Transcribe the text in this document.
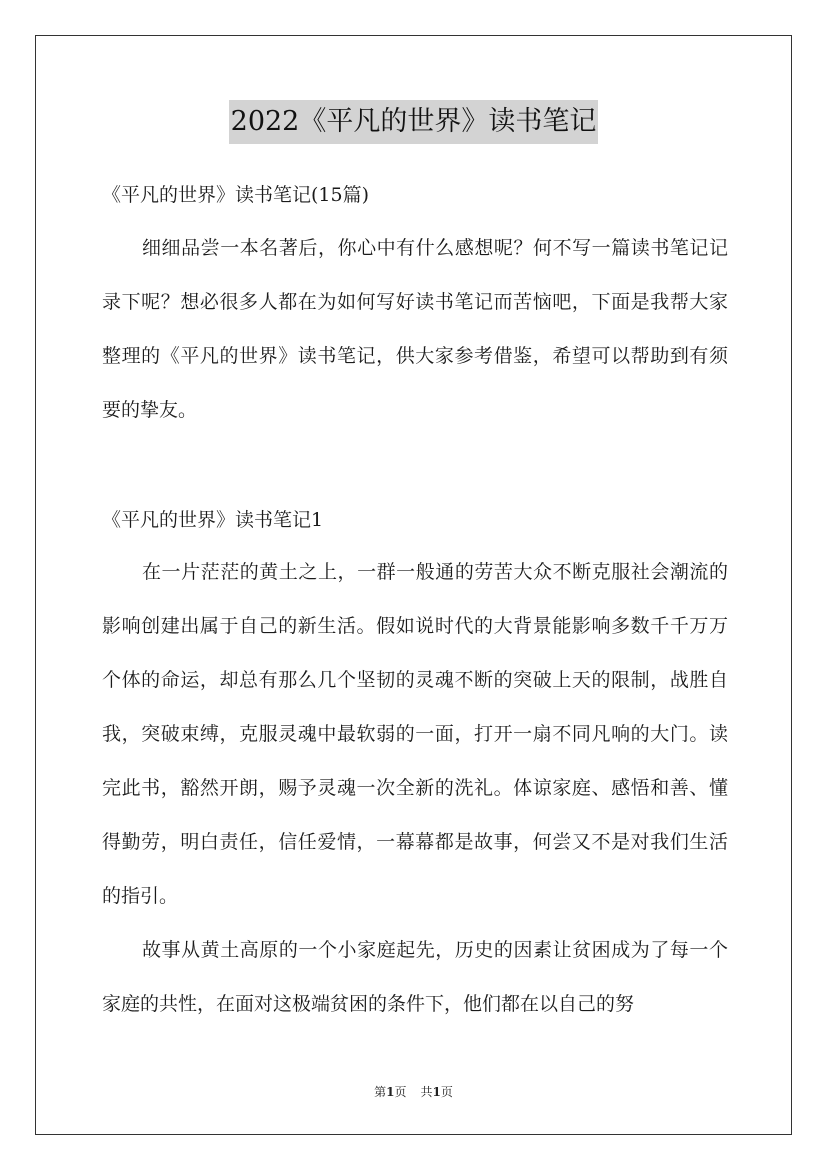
2022《平凡的世界》读书笔记
《平凡的世界》读书笔记(15篇)

细细品尝一本名著后，你心中有什么感想呢？何不写一篇读书笔记记录下呢？想必很多人都在为如何写好读书笔记而苦恼吧，下面是我帮大家整理的《平凡的世界》读书笔记，供大家参考借鉴，希望可以帮助到有须要的挚友。

《平凡的世界》读书笔记1

在一片茫茫的黄土之上，一群一般通的劳苦大众不断克服社会潮流的影响创建出属于自己的新生活。假如说时代的大背景能影响多数千千万万个体的命运，却总有那么几个坚韧的灵魂不断的突破上天的限制，战胜自我，突破束缚，克服灵魂中最软弱的一面，打开一扇不同凡响的大门。读完此书，豁然开朗，赐予灵魂一次全新的洗礼。体谅家庭、感悟和善、懂得勤劳，明白责任，信任爱情，一幕幕都是故事，何尝又不是对我们生活的指引。

故事从黄土高原的一个小家庭起先，历史的因素让贫困成为了每一个家庭的共性，在面对这极端贫困的条件下，他们都在以自己的努

第1页 共1页
